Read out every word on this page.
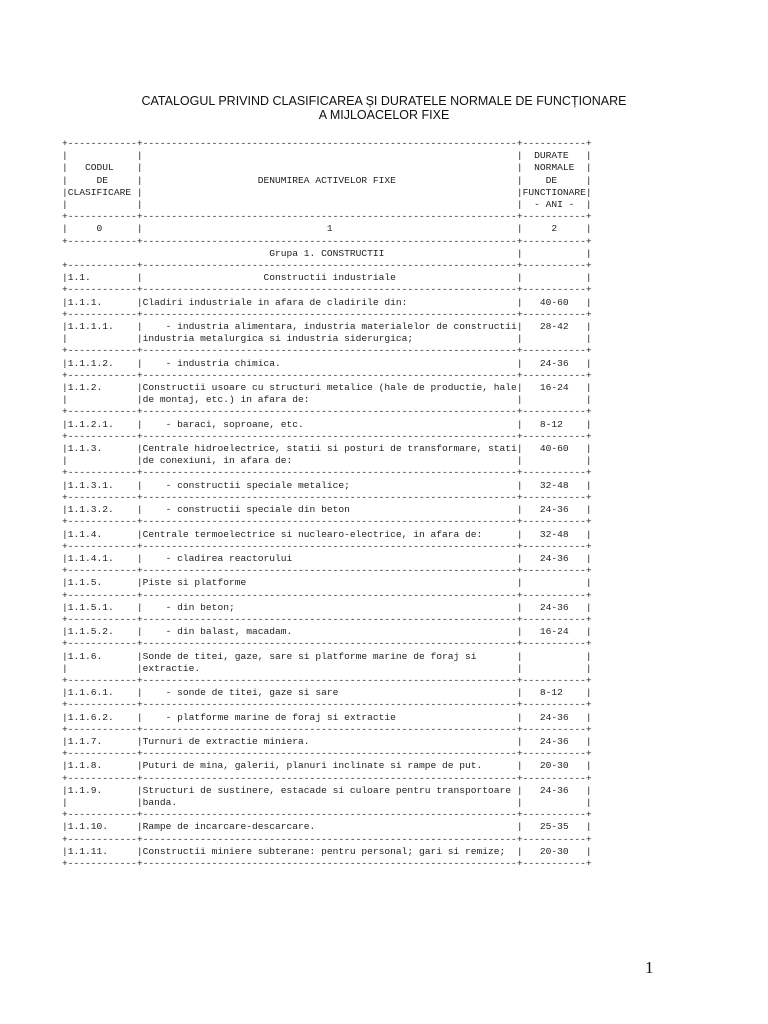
CATALOGUL PRIVIND CLASIFICAREA ȘI DURATELE NORMALE DE FUNCȚIONARE
A MIJLOACELOR FIXE
+------------+-----------------------------------------------------------------+-----------+
|            |                                                                 |  DURATE   |
|   CODUL    |                                                                 |  NORMALE  |
|     DE     |                    DENUMIREA ACTIVELOR FIXE                     |    DE     |
|CLASIFICARE |                                                                 |FUNCTIONARE|
|            |                                                                 |  - ANI -  |
+------------+-----------------------------------------------------------------+-----------+
|     0      |                                1                                |     2     |
+------------+-----------------------------------------------------------------+-----------+
Grupa 1. CONSTRUCTII                       |           |
+------------+-----------------------------------------------------------------+-----------+
|1.1.        |                     Constructii industriale                     |           |
+------------+-----------------------------------------------------------------+-----------+
|1.1.1.      |Cladiri industriale in afara de cladirile din:                   |   40-60   |
+------------+-----------------------------------------------------------------+-----------+
|1.1.1.1.    |    - industria alimentara, industria materialelor de constructii|   28-42   |
|            |industria metalurgica si industria siderurgica;                  |           |
+------------+-----------------------------------------------------------------+-----------+
|1.1.1.2.    |    - industria chimica.                                         |   24-36   |
+------------+-----------------------------------------------------------------+-----------+
|1.1.2.      |Constructii usoare cu structuri metalice (hale de productie, hale|   16-24   |
|            |de montaj, etc.) in afara de:                                    |           |
+------------+-----------------------------------------------------------------+-----------+
|1.1.2.1.    |    - baraci, soproane, etc.                                     |   8-12    |
+------------+-----------------------------------------------------------------+-----------+
|1.1.3.      |Centrale hidroelectrice, statii si posturi de transformare, stati|   40-60   |
|            |de conexiuni, in afara de:                                       |           |
+------------+-----------------------------------------------------------------+-----------+
|1.1.3.1.    |    - constructii speciale metalice;                             |   32-48   |
+------------+-----------------------------------------------------------------+-----------+
|1.1.3.2.    |    - constructii speciale din beton                             |   24-36   |
+------------+-----------------------------------------------------------------+-----------+
|1.1.4.      |Centrale termoelectrice si nucleаro-electrice, in afara de:      |   32-48   |
+------------+-----------------------------------------------------------------+-----------+
|1.1.4.1.    |    - cladirea reactorului                                       |   24-36   |
+------------+-----------------------------------------------------------------+-----------+
|1.1.5.      |Piste si platforme                                               |           |
+------------+-----------------------------------------------------------------+-----------+
|1.1.5.1.    |    - din beton;                                                 |   24-36   |
+------------+-----------------------------------------------------------------+-----------+
|1.1.5.2.    |    - din balast, macadam.                                       |   16-24   |
+------------+-----------------------------------------------------------------+-----------+
|1.1.6.      |Sonde de titei, gaze, sare si platforme marine de foraj si       |           |
|            |extractie.                                                       |           |
+------------+-----------------------------------------------------------------+-----------+
|1.1.6.1.    |    - sonde de titei, gaze si sare                               |   8-12    |
+------------+-----------------------------------------------------------------+-----------+
|1.1.6.2.    |    - platforme marine de foraj si extractie                     |   24-36   |
+------------+-----------------------------------------------------------------+-----------+
|1.1.7.      |Turnuri de extractie miniera.                                    |   24-36   |
+------------+-----------------------------------------------------------------+-----------+
|1.1.8.      |Puturi de mina, galerii, planuri inclinate si rampe de put.      |   20-30   |
+------------+-----------------------------------------------------------------+-----------+
|1.1.9.      |Structuri de sustinere, estacade si culoare pentru transportoare |   24-36   |
|            |banda.                                                           |           |
+------------+-----------------------------------------------------------------+-----------+
|1.1.10.     |Rampe de incarcare-descarcare.                                   |   25-35   |
+------------+-----------------------------------------------------------------+-----------+
|1.1.11.     |Constructii miniere subterane: pentru personal; gari si remize;  |   20-30   |
+------------+-----------------------------------------------------------------+-----------+
1
